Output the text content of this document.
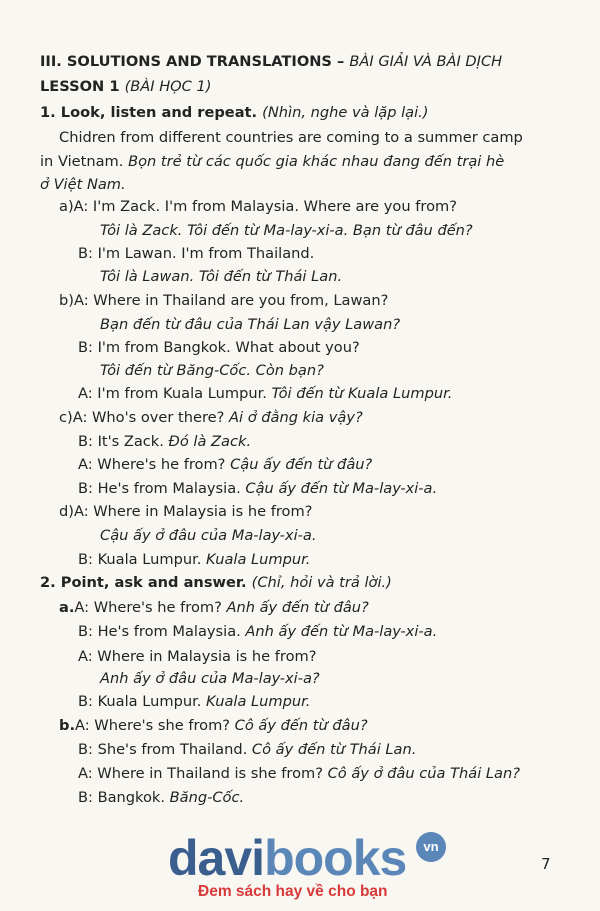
III. SOLUTIONS AND TRANSLATIONS – BÀI GIẢI VÀ BÀI DỊCH
LESSON 1 (BÀI HỌC 1)
1. Look, listen and repeat. (Nhìn, nghe và lặp lại.)
Chidren from different countries are coming to a summer camp
in Vietnam. Bọn trẻ từ các quốc gia khác nhau đang đến trại hè
ở Việt Nam.
a)A: I'm Zack. I'm from Malaysia. Where are you from?
Tôi là Zack. Tôi đến từ Ma-lay-xi-a. Bạn từ đâu đến?
B: I'm Lawan. I'm from Thailand.
Tôi là Lawan. Tôi đến từ Thái Lan.
b)A: Where in Thailand are you from, Lawan?
Bạn đến từ đâu của Thái Lan vậy Lawan?
B: I'm from Bangkok. What about you?
Tôi đến từ Băng-Cốc. Còn bạn?
A: I'm from Kuala Lumpur. Tôi đến từ Kuala Lumpur.
c)A: Who's over there? Ai ở đằng kia vậy?
B: It's Zack. Đó là Zack.
A: Where's he from? Cậu ấy đến từ đâu?
B: He's from Malaysia. Cậu ấy đến từ Ma-lay-xi-a.
d)A: Where in Malaysia is he from?
Cậu ấy ở đâu của Ma-lay-xi-a.
B: Kuala Lumpur. Kuala Lumpur.
2. Point, ask and answer. (Chỉ, hỏi và trả lời.)
a.A: Where's he from? Anh ấy đến từ đâu?
B: He's from Malaysia. Anh ấy đến từ Ma-lay-xi-a.
A: Where in Malaysia is he from?
Anh ấy ở đâu của Ma-lay-xi-a?
B: Kuala Lumpur. Kuala Lumpur.
b.A: Where's she from? Cô ấy đến từ đâu?
B: She's from Thailand. Cô ấy đến từ Thái Lan.
A: Where in Thailand is she from? Cô ấy ở đâu của Thái Lan?
B: Bangkok. Băng-Cốc.
davibooks	vn
Đem sách hay về cho bạn
7
